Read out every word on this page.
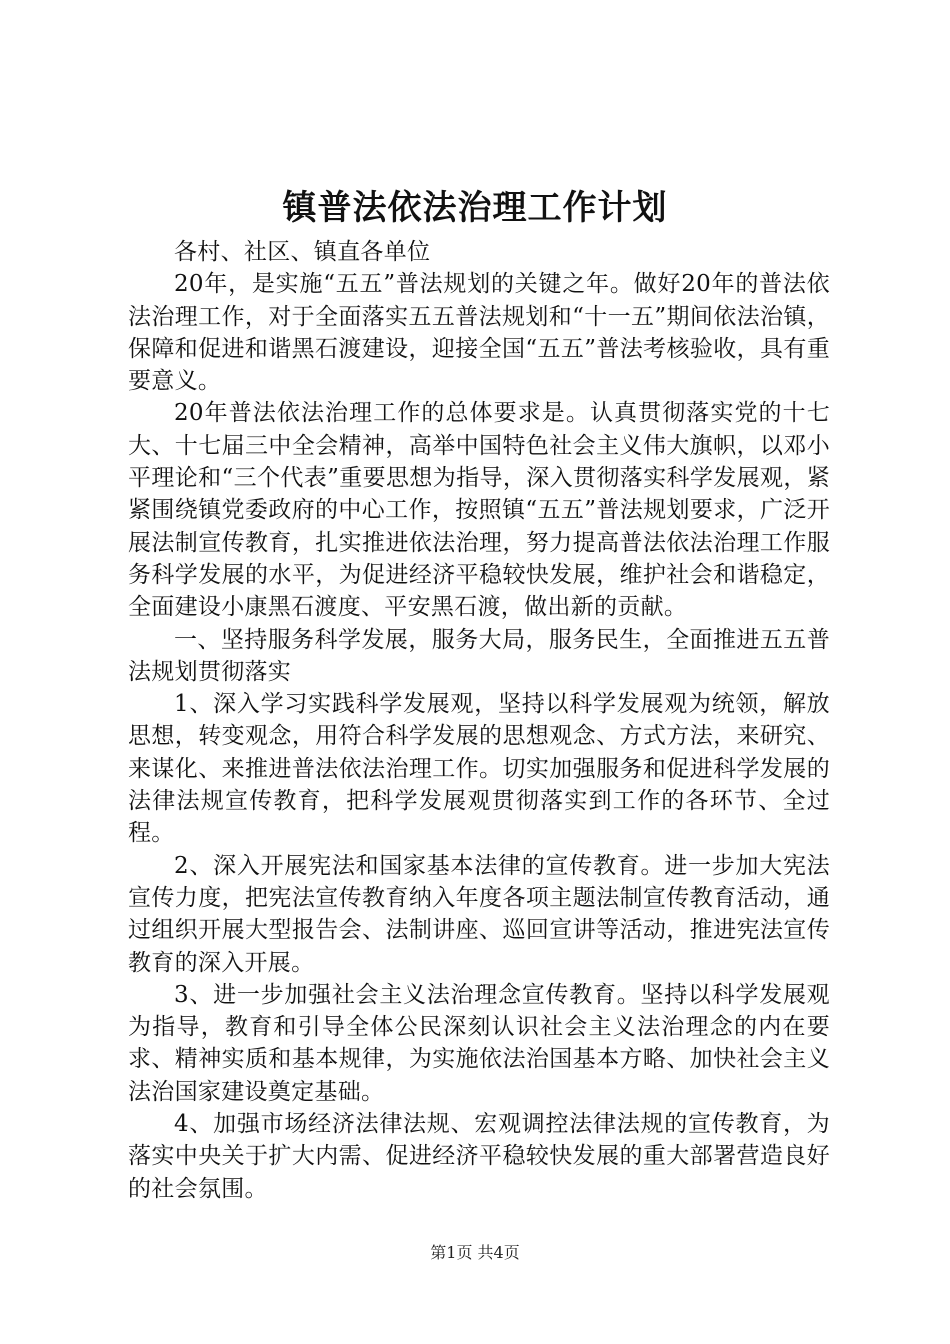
镇普法依法治理工作计划

各村、社区、镇直各单位

20年，是实施“五五”普法规划的关键之年。做好20年的普法依法治理工作，对于全面落实五五普法规划和“十一五”期间依法治镇，保障和促进和谐黑石渡建设，迎接全国“五五”普法考核验收，具有重要意义。

20年普法依法治理工作的总体要求是。认真贯彻落实党的十七大、十七届三中全会精神，高举中国特色社会主义伟大旗帜，以邓小平理论和“三个代表”重要思想为指导，深入贯彻落实科学发展观，紧紧围绕镇党委政府的中心工作，按照镇“五五”普法规划要求，广泛开展法制宣传教育，扎实推进依法治理，努力提高普法依法治理工作服务科学发展的水平，为促进经济平稳较快发展，维护社会和谐稳定，全面建设小康黑石渡度、平安黑石渡，做出新的贡献。

一、坚持服务科学发展，服务大局，服务民生，全面推进五五普法规划贯彻落实

1、深入学习实践科学发展观，坚持以科学发展观为统领，解放思想，转变观念，用符合科学发展的思想观念、方式方法，来研究、来谋化、来推进普法依法治理工作。切实加强服务和促进科学发展的法律法规宣传教育，把科学发展观贯彻落实到工作的各环节、全过程。

2、深入开展宪法和国家基本法律的宣传教育。进一步加大宪法宣传力度，把宪法宣传教育纳入年度各项主题法制宣传教育活动，通过组织开展大型报告会、法制讲座、巡回宣讲等活动，推进宪法宣传教育的深入开展。

3、进一步加强社会主义法治理念宣传教育。坚持以科学发展观为指导，教育和引导全体公民深刻认识社会主义法治理念的内在要求、精神实质和基本规律，为实施依法治国基本方略、加快社会主义法治国家建设奠定基础。

4、加强市场经济法律法规、宏观调控法律法规的宣传教育，为落实中央关于扩大内需、促进经济平稳较快发展的重大部署营造良好的社会氛围。

第1页 共4页
